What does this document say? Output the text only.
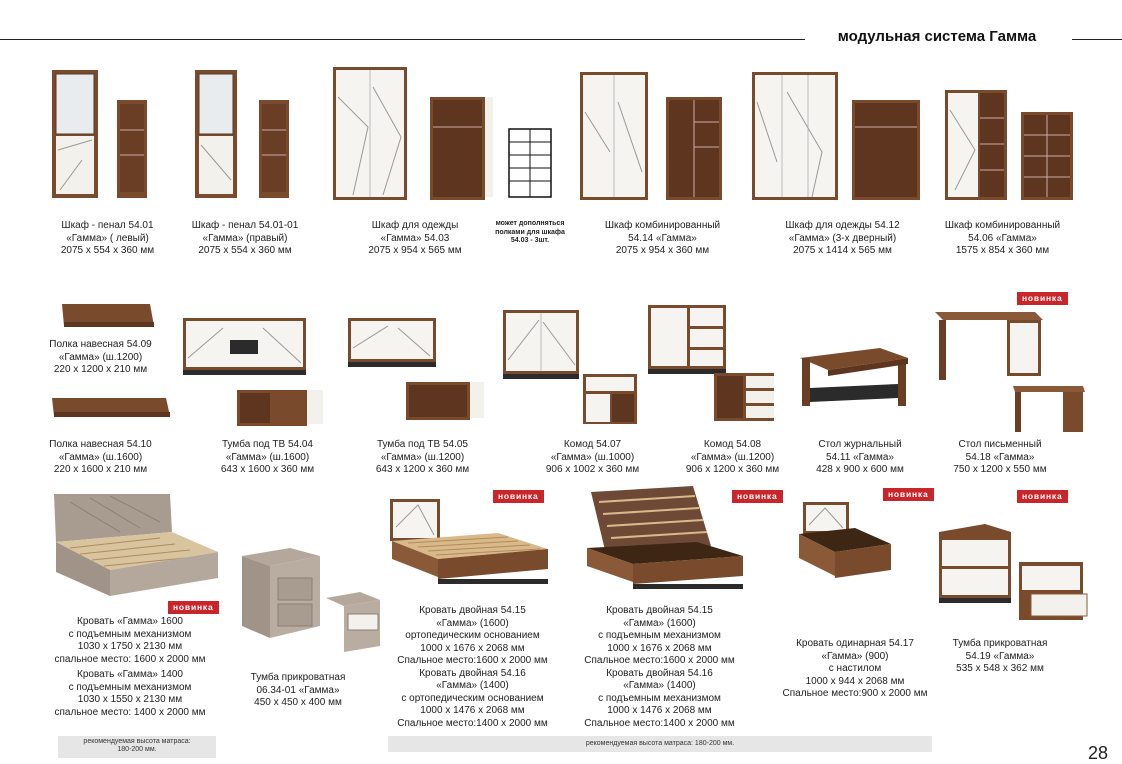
модульная система Гамма
Шкаф - пенал 54.01
«Гамма» ( левый)
2075 x 554 x 360 мм
Шкаф - пенал 54.01-01
«Гамма» (правый)
2075 x 554 x 360 мм
Шкаф для одежды
«Гамма» 54.03
2075 x 954 x 565 мм
может дополняться
полками для шкафа
54.03 - 3шт.
Шкаф комбинированный
54.14 «Гамма»
2075 x 954 x 360 мм
Шкаф для одежды 54.12
«Гамма» (3-х дверный)
2075 x 1414 x 565 мм
Шкаф комбинированный
54.06 «Гамма»
1575 x 854 x 360 мм
Полка навесная 54.09
«Гамма» (ш.1200)
220 x 1200 x 210 мм
Полка навесная 54.10
«Гамма» (ш.1600)
220 x 1600 x 210 мм
Тумба под ТВ 54.04
«Гамма» (ш.1600)
643 x 1600 x 360 мм
Тумба под ТВ 54.05
«Гамма» (ш.1200)
643 x 1200 x 360 мм
Комод 54.07
«Гамма» (ш.1000)
906 x 1002 x 360 мм
Комод 54.08
«Гамма» (ш.1200)
906 x 1200 x 360 мм
Стол журнальный
54.11 «Гамма»
428 x 900 x 600 мм
Стол письменный
54.18 «Гамма»
750 x 1200 x 550 мм
новинка
новинка	новинка	новинка	новинка
новинка
Кровать «Гамма» 1600
с подъемным механизмом
1030 x 1750 x 2130 мм
спальное место: 1600 x 2000 мм
Кровать «Гамма» 1400
с подъемным механизмом
1030 x 1550 x 2130 мм
спальное место: 1400 x 2000 мм
Тумба прикроватная
06.34-01 «Гамма»
450 x 450 x 400 мм
Кровать двойная 54.15
«Гамма» (1600)
ортопедическим основанием
1000 x 1676 x 2068 мм
Спальное место:1600 x 2000 мм
Кровать двойная 54.16
«Гамма» (1400)
с ортопедическим основанием
1000 x 1476 x 2068 мм
Спальное место:1400 x 2000 мм
Кровать двойная 54.15
«Гамма» (1600)
с подъемным механизмом
1000 x 1676 x 2068 мм
Спальное место:1600 x 2000 мм
Кровать двойная 54.16
«Гамма» (1400)
с подъемным механизмом
1000 x 1476 x 2068 мм
Спальное место:1400 x 2000 мм
Кровать одинарная 54.17
«Гамма» (900)
с настилом
1000 x 944 x 2068 мм
Спальное место:900 x 2000 мм
Тумба прикроватная
54.19 «Гамма»
535 x 548 x 362 мм
рекомендуемая высота матраса:
180-200 мм.
рекомендуемая высота матраса: 180-200 мм.	28
